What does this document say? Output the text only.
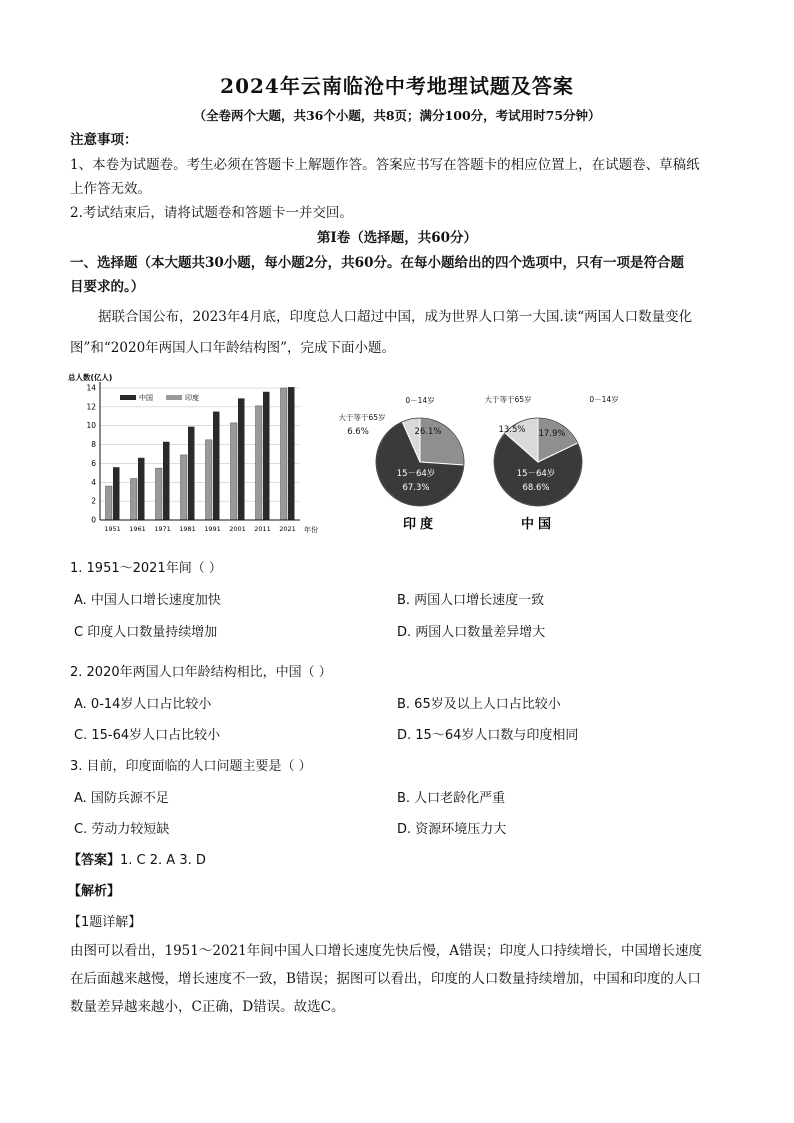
2024年云南临沧中考地理试题及答案
（全卷两个大题，共36个小题，共8页；满分100分，考试用时75分钟）
注意事项：
1、本卷为试题卷。考生必须在答题卡上解题作答。答案应书写在答题卡的相应位置上，在试题卷、草稿纸
上作答无效。
2.考试结束后，请将试题卷和答题卡一并交回。
第Ⅰ卷（选择题，共60分）
一、选择题（本大题共30小题，每小题2分，共60分。在每小题给出的四个选项中，只有一项是符合题
目要求的。）
据联合国公布，2023年4月底，印度总人口超过中国，成为世界人口第一大国.读“两国人口数量变化
图”和“2020年两国人口年龄结构图”，完成下面小题。
总人数(亿人)
中国	印度
0
2
4
6
8
10
12
14
1951 1961 1971 1981 1991 2001 2011 2021 年份
0－14岁
26.1%
67.3%
15－64岁
大于等于65岁
6.6%
印度
0－14岁
17.9%
68.6%
15－64岁
大于等于65岁
13.5%
中国
1. 1951～2021年间（ ）
A. 中国人口增长速度加快	B. 两国人口增长速度一致
C 印度人口数量持续增加	D. 两国人口数量差异增大
2. 2020年两国人口年龄结构相比，中国（ ）
A. 0-14岁人口占比较小	B. 65岁及以上人口占比较小
C. 15-64岁人口占比较小	D. 15～64岁人口数与印度相同
3. 目前，印度面临的人口问题主要是（ ）
A. 国防兵源不足	B. 人口老龄化严重
C. 劳动力较短缺	D. 资源环境压力大
【答案】1. C 2. A 3. D
【解析】
【1题详解】
由图可以看出，1951～2021年间中国人口增长速度先快后慢，A错误；印度人口持续增长，中国增长速度
在后面越来越慢，增长速度不一致，B错误；据图可以看出，印度的人口数量持续增加，中国和印度的人口
数量差异越来越小，C正确，D错误。故选C。
